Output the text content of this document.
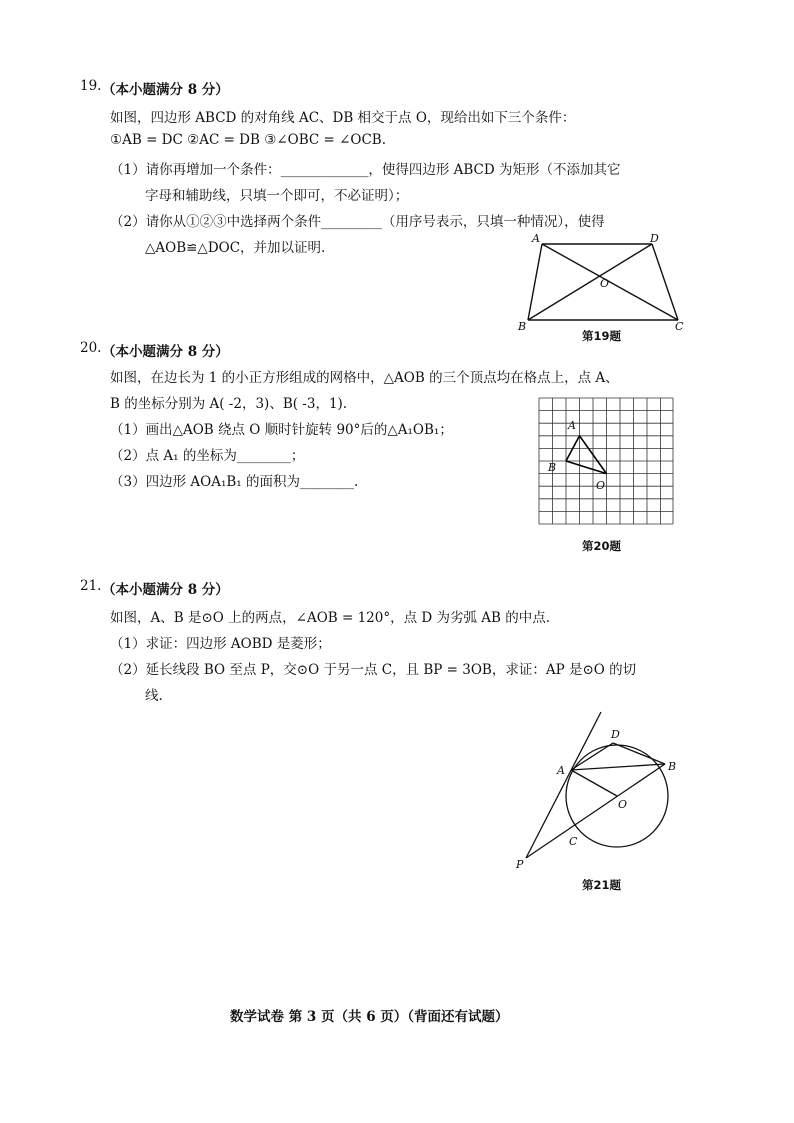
19. （本小题满分 8 分）
如图，四边形 ABCD 的对角线 AC、DB 相交于点 O，现给出如下三个条件：
①AB = DC ②AC = DB ③∠OBC = ∠OCB.
（1）请你再增加一个条件：_____________，使得四边形 ABCD 为矩形（不添加其它
字母和辅助线，只填一个即可，不必证明）；
（2）请你从①②③中选择两个条件_________（用序号表示，只填一种情况），使得
△AOB≌△DOC，并加以证明.
A	D
O
B	C
第19题
20. （本小题满分 8 分）
如图，在边长为 1 的小正方形组成的网格中，△AOB 的三个顶点均在格点上，点 A、
B 的坐标分别为 A( -2，3)、B( -3，1).
（1）画出△AOB 绕点 O 顺时针旋转 90°后的△A₁OB₁；
（2）点 A₁ 的坐标为________；
（3）四边形 AOA₁B₁ 的面积为________.
A
B
O
第20题
21. （本小题满分 8 分）
如图，A、B 是⊙O 上的两点，∠AOB = 120°，点 D 为劣弧 AB 的中点.
（1）求证：四边形 AOBD 是菱形；
（2）延长线段 BO 至点 P，交⊙O 于另一点 C，且 BP = 3OB，求证：AP 是⊙O 的切
线.
D
A	B
O
C
P
第21题
数学试卷 第 3 页（共 6 页）（背面还有试题）
